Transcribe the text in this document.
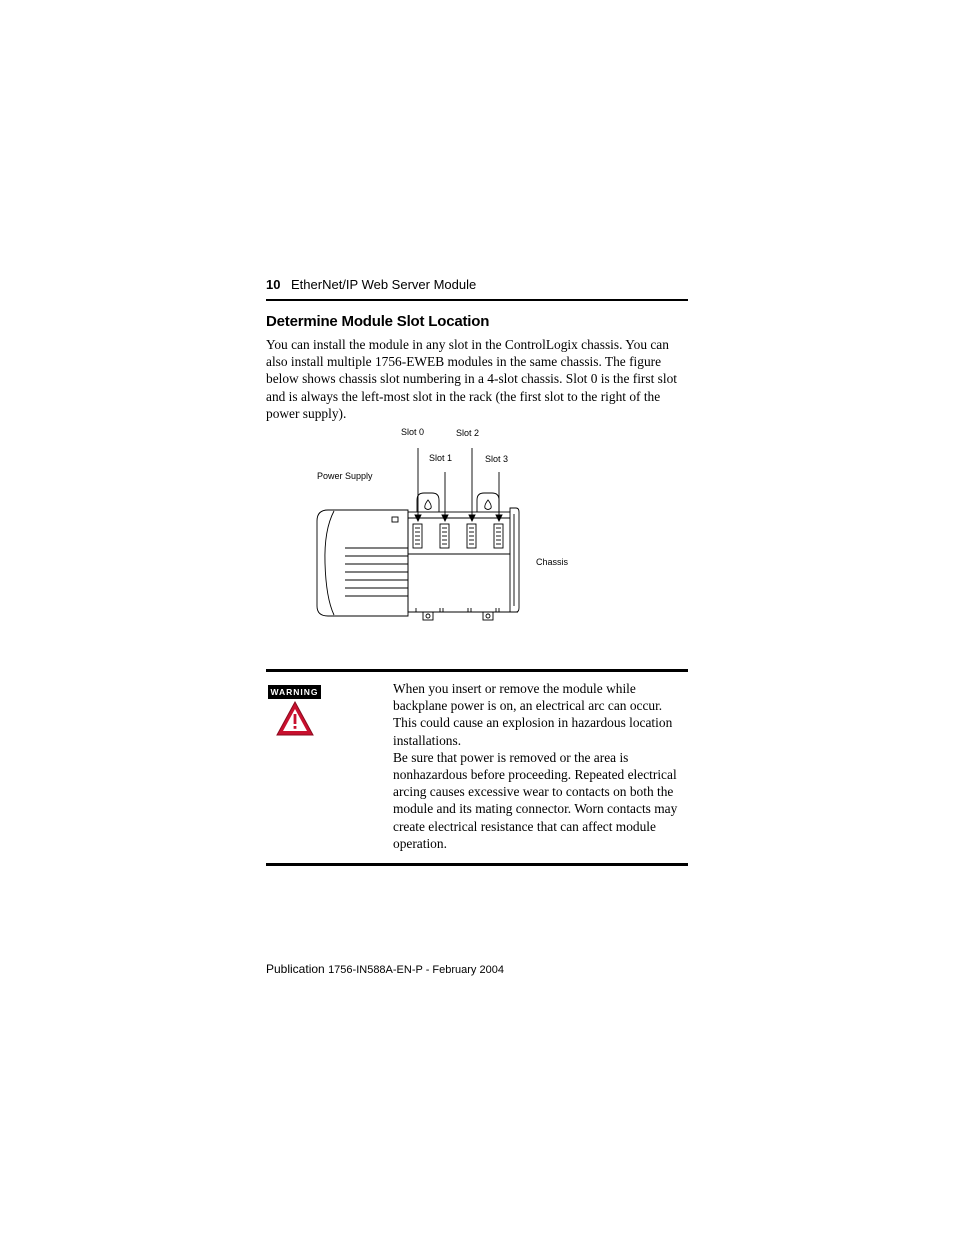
10 EtherNet/IP Web Server Module
Determine Module Slot Location
You can install the module in any slot in the ControlLogix chassis. You can also install multiple 1756-EWEB modules in the same chassis. The figure below shows chassis slot numbering in a 4-slot chassis. Slot 0 is the first slot and is always the left-most slot in the rack (the first slot to the right of the power supply).
Slot 0	Slot 2
Slot 1	Slot 3
Power Supply
Chassis
WARNING	When you insert or remove the module while backplane power is on, an electrical arc can occur. This could cause an explosion in hazardous location installations.

Be sure that power is removed or the area is nonhazardous before proceeding. Repeated electrical arcing causes excessive wear to contacts on both the module and its mating connector. Worn contacts may create electrical resistance that can affect module operation.

Publication 1756-IN588A-EN-P - February 2004
